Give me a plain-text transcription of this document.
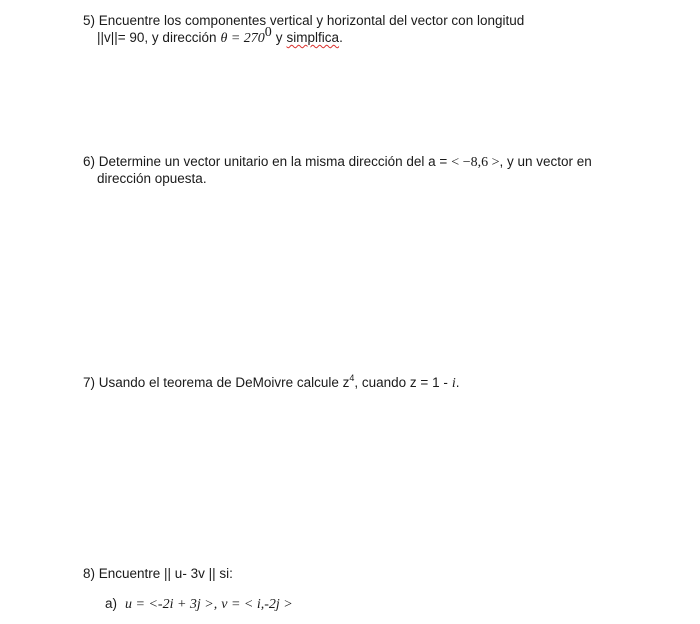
5) Encuentre los componentes vertical y horizontal del vector con longitud
||v||= 90, y dirección $\theta = 270^0$ y simplfica.
6) Determine un vector unitario en la misma dirección del a = < −8,6 >, y un vector en
dirección opuesta.
7) Usando el teorema de DeMoivre calcule $z^4$, cuando z = 1 - i.
8) Encuentre || u- 3v || si:
a) u = <-2i + 3j >, v = < i,-2j >
